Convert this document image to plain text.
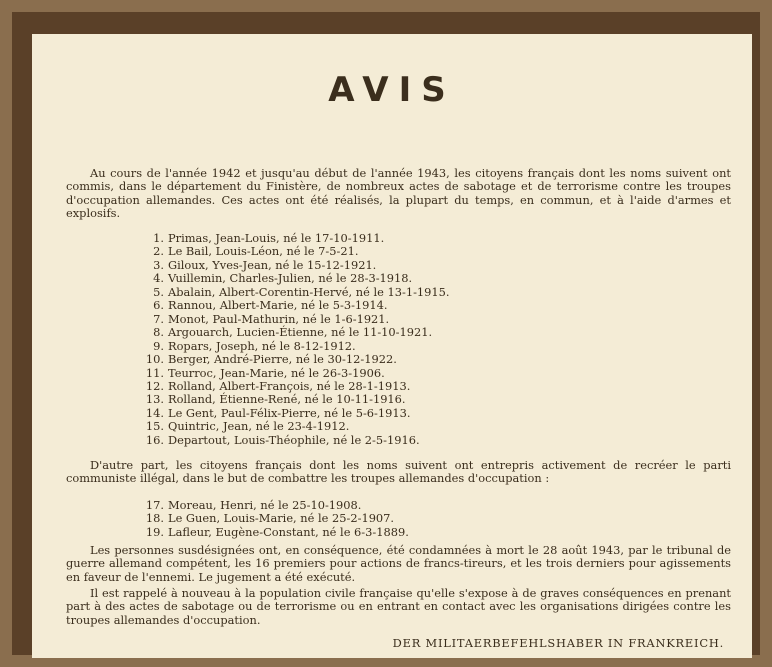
AVIS
Au cours de l'année 1942 et jusqu'au début de l'année 1943, les citoyens français dont les noms suivent ont commis, dans le département du Finistère, de nombreux actes de sabotage et de terrorisme contre les troupes d'occupation allemandes. Ces actes ont été réalisés, la plupart du temps, en commun, et à l'aide d'armes et explosifs.
1. Primas, Jean-Louis, né le 17-10-1911.
2. Le Bail, Louis-Léon, né le 7-5-21.
3. Giloux, Yves-Jean, né le 15-12-1921.
4. Vuillemin, Charles-Julien, né le 28-3-1918.
5. Abalain, Albert-Corentin-Hervé, né le 13-1-1915.
6. Rannou, Albert-Marie, né le 5-3-1914.
7. Monot, Paul-Mathurin, né le 1-6-1921.
8. Argouarch, Lucien-Étienne, né le 11-10-1921.
9. Ropars, Joseph, né le 8-12-1912.
10. Berger, André-Pierre, né le 30-12-1922.
11. Teurroc, Jean-Marie, né le 26-3-1906.
12. Rolland, Albert-François, né le 28-1-1913.
13. Rolland, Étienne-René, né le 10-11-1916.
14. Le Gent, Paul-Félix-Pierre, né le 5-6-1913.
15. Quintric, Jean, né le 23-4-1912.
16. Departout, Louis-Théophile, né le 2-5-1916.
D'autre part, les citoyens français dont les noms suivent ont entrepris activement de recréer le parti communiste illégal, dans le but de combattre les troupes allemandes d'occupation :
17. Moreau, Henri, né le 25-10-1908.
18. Le Guen, Louis-Marie, né le 25-2-1907.
19. Lafleur, Eugène-Constant, né le 6-3-1889.
Les personnes susdésignées ont, en conséquence, été condamnées à mort le 28 août 1943, par le tribunal de guerre allemand compétent, les 16 premiers pour actions de francs-tireurs, et les trois derniers pour agissements en faveur de l'ennemi. Le jugement a été exécuté.
Il est rappelé à nouveau à la population civile française qu'elle s'expose à de graves conséquences en prenant part à des actes de sabotage ou de terrorisme ou en entrant en contact avec les organisations dirigées contre les troupes allemandes d'occupation.
DER MILITAERBEFEHLSHABER IN FRANKREICH.
